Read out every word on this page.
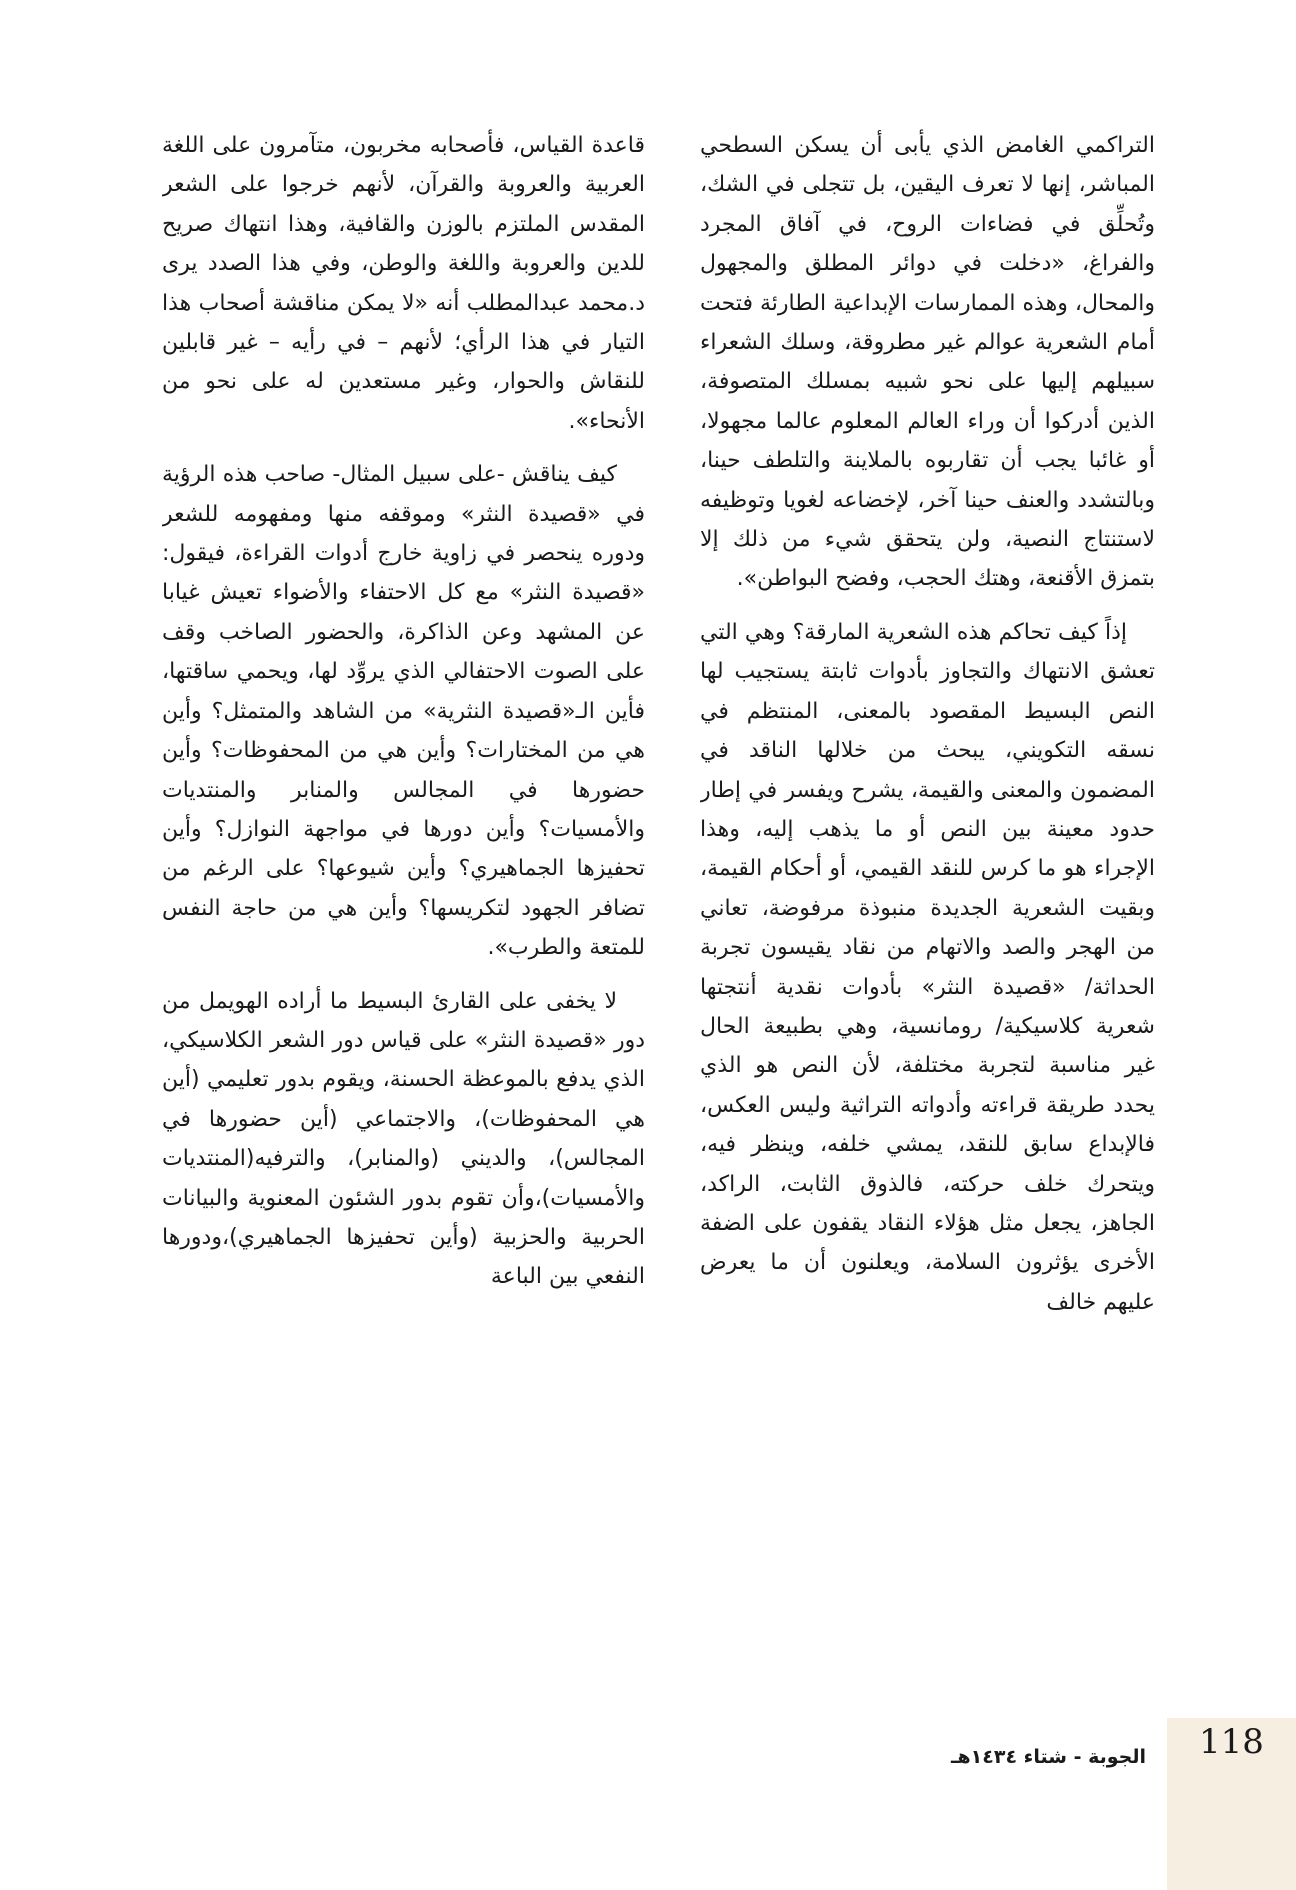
التراكمي الغامض الذي يأبى أن يسكن السطحي المباشر، إنها لا تعرف اليقين، بل تتجلى في الشك، وتُحلِّق في فضاءات الروح، في آفاق المجرد والفراغ، «دخلت في دوائر المطلق والمجهول والمحال، وهذه الممارسات الإبداعية الطارئة فتحت أمام الشعرية عوالم غير مطروقة، وسلك الشعراء سبيلهم إليها على نحو شبيه بمسلك المتصوفة، الذين أدركوا أن وراء العالم المعلوم عالما مجهولا، أو غائبا يجب أن تقاربوه بالملاينة والتلطف حينا، وبالتشدد والعنف حينا آخر، لإخضاعه لغويا وتوظيفه لاستنتاج النصية، ولن يتحقق شيء من ذلك إلا بتمزق الأقنعة، وهتك الحجب، وفضح البواطن».

إذاً كيف تحاكم هذه الشعرية المارقة؟ وهي التي تعشق الانتهاك والتجاوز بأدوات ثابتة يستجيب لها النص البسيط المقصود بالمعنى، المنتظم في نسقه التكويني، يبحث من خلالها الناقد في المضمون والمعنى والقيمة، يشرح ويفسر في إطار حدود معينة بين النص أو ما يذهب إليه، وهذا الإجراء هو ما كرس للنقد القيمي، أو أحكام القيمة، وبقيت الشعرية الجديدة منبوذة مرفوضة، تعاني من الهجر والصد والاتهام من نقاد يقيسون تجربة الحداثة/ «قصيدة النثر» بأدوات نقدية أنتجتها شعرية كلاسيكية/ رومانسية، وهي بطبيعة الحال غير مناسبة لتجربة مختلفة، لأن النص هو الذي يحدد طريقة قراءته وأدواته التراثية وليس العكس، فالإبداع سابق للنقد، يمشي خلفه، وينظر فيه، ويتحرك خلف حركته، فالذوق الثابت، الراكد، الجاهز، يجعل مثل هؤلاء النقاد يقفون على الضفة الأخرى يؤثرون السلامة، ويعلنون أن ما يعرض عليهم خالف

قاعدة القياس، فأصحابه مخربون، متآمرون على اللغة العربية والعروبة والقرآن، لأنهم خرجوا على الشعر المقدس الملتزم بالوزن والقافية، وهذا انتهاك صريح للدين والعروبة واللغة والوطن، وفي هذا الصدد يرى د.محمد عبدالمطلب أنه «لا يمكن مناقشة أصحاب هذا التيار في هذا الرأي؛ لأنهم – في رأيه – غير قابلين للنقاش والحوار، وغير مستعدين له على نحو من الأنحاء».

كيف يناقش -على سبيل المثال- صاحب هذه الرؤية في «قصيدة النثر» وموقفه منها ومفهومه للشعر ودوره ينحصر في زاوية خارج أدوات القراءة، فيقول: «قصيدة النثر» مع كل الاحتفاء والأضواء تعيش غيابا عن المشهد وعن الذاكرة، والحضور الصاخب وقف على الصوت الاحتفالي الذي يروِّد لها، ويحمي ساقتها، فأين الـ«قصيدة النثرية» من الشاهد والمتمثل؟ وأين هي من المختارات؟ وأين هي من المحفوظات؟ وأين حضورها في المجالس والمنابر والمنتديات والأمسيات؟ وأين دورها في مواجهة النوازل؟ وأين تحفيزها الجماهيري؟ وأين شيوعها؟ على الرغم من تضافر الجهود لتكريسها؟ وأين هي من حاجة النفس للمتعة والطرب».

لا يخفى على القارئ البسيط ما أراده الهويمل من دور «قصيدة النثر» على قياس دور الشعر الكلاسيكي، الذي يدفع بالموعظة الحسنة، ويقوم بدور تعليمي (أين هي المحفوظات)، والاجتماعي (أين حضورها في المجالس)، والديني (والمنابر)، والترفيه(المنتديات والأمسيات)،وأن تقوم بدور الشئون المعنوية والبيانات الحربية والحزبية (وأين تحفيزها الجماهيري)،ودورها النفعي بين الباعة

118
الجوبة - شتاء ١٤٣٤هـ
